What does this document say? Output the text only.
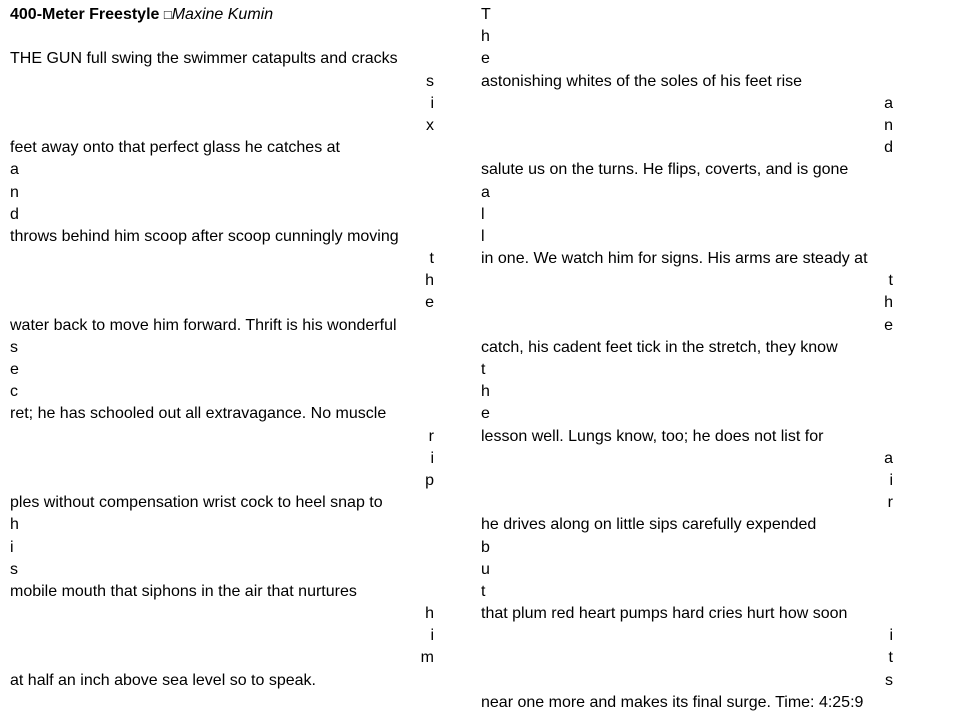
400-Meter Freestyle □Maxine Kumin
THE GUN full swing the swimmer catapults and cracks
s
i
x
feet away onto that perfect glass he catches at
a
n
d
throws behind him scoop after scoop cunningly moving
t
h
e
water back to move him forward. Thrift is his wonderful
s
e
c
ret; he has schooled out all extravagance. No muscle
r
i
p
ples without compensation wrist cock to heel snap to
h
i
s
mobile mouth that siphons in the air that nurtures
h
i
m
at half an inch above sea level so to speak.
T
h
e
astonishing whites of the soles of his feet rise
a
n
d
salute us on the turns. He flips, coverts, and is gone
a
l
l
in one. We watch him for signs. His arms are steady at
t
h
e
catch, his cadent feet tick in the stretch, they know
t
h
e
lesson well. Lungs know, too; he does not list for
a
i
r
he drives along on little sips carefully expended
b
u
t
that plum red heart pumps hard cries hurt how soon
i
t
s
near one more and makes its final surge. Time: 4:25:9
